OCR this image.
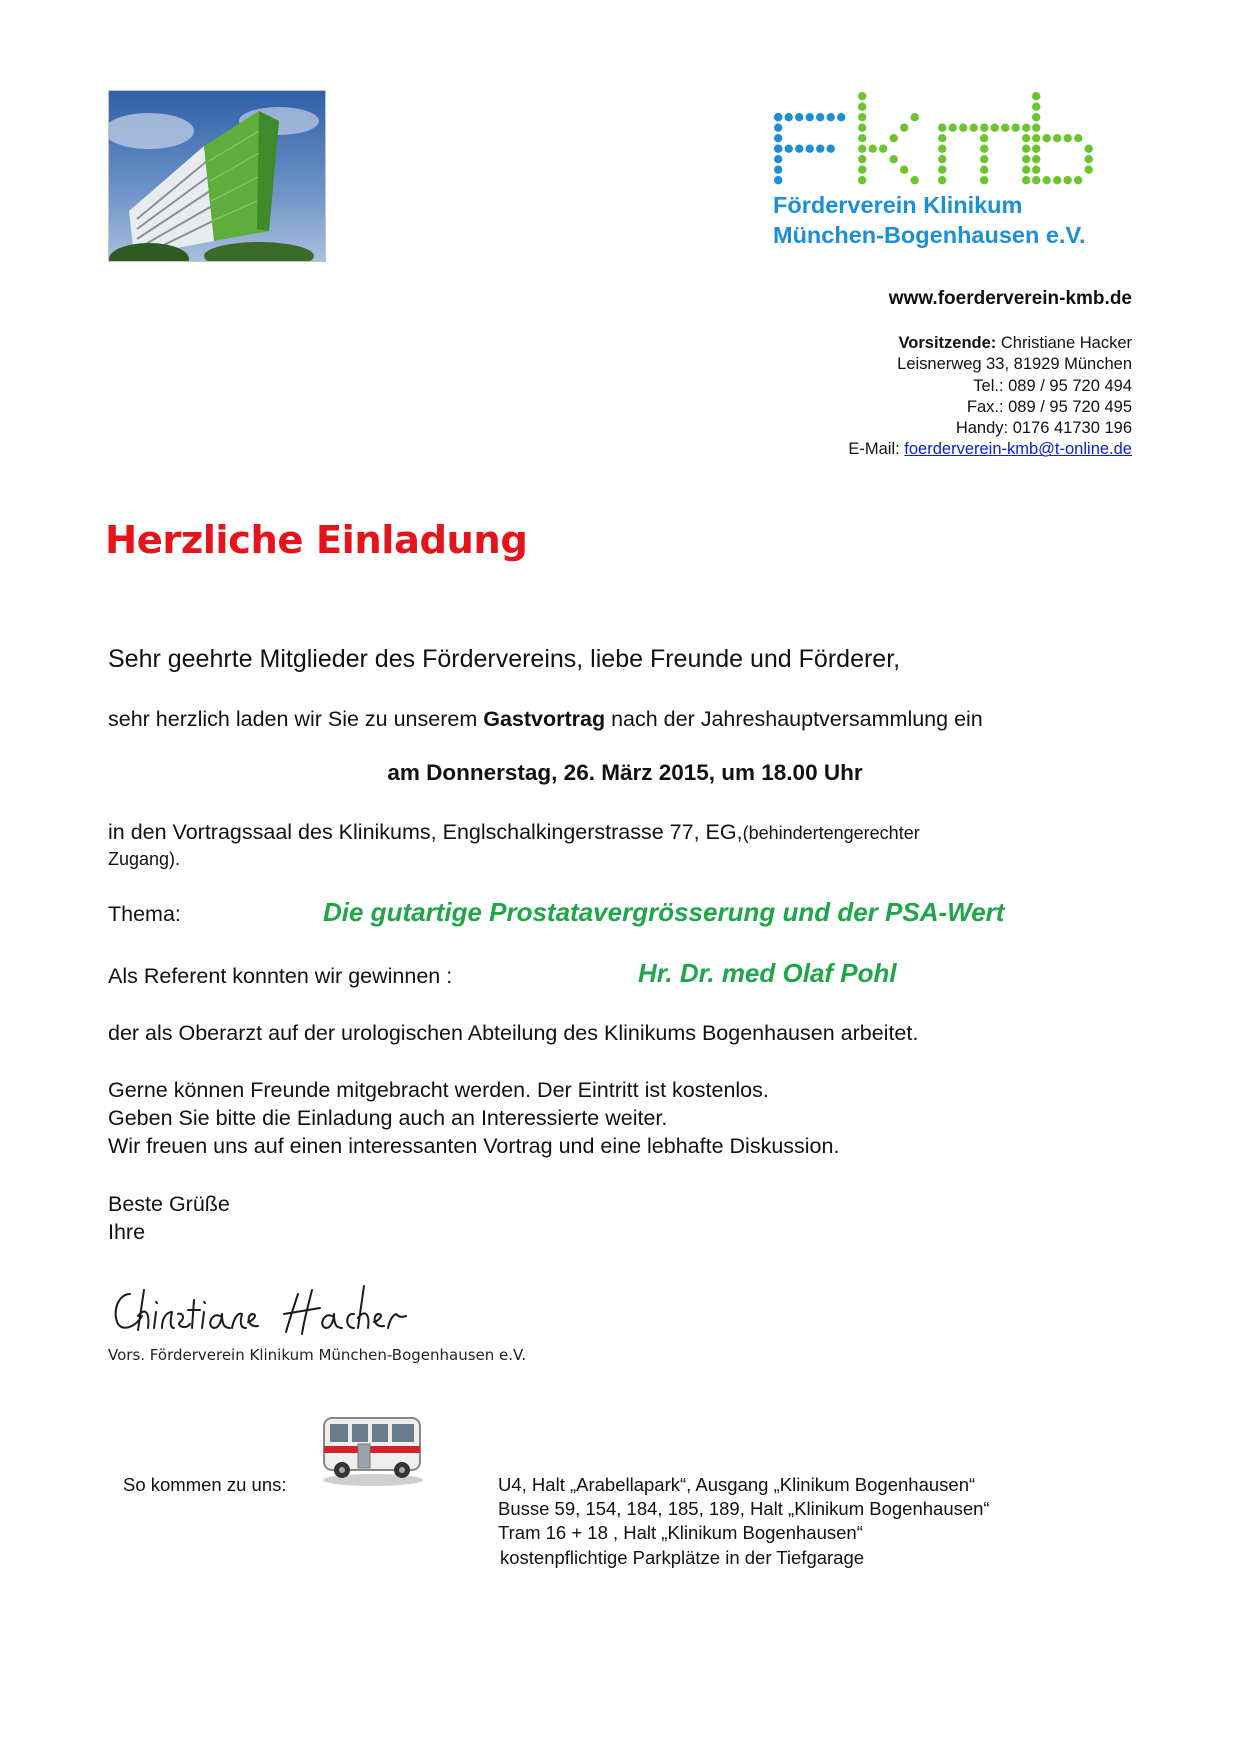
Förderverein Klinikum
München-Bogenhausen e.V.
www.foerderverein-kmb.de
Vorsitzende: Christiane Hacker
Leisnerweg 33, 81929 München
Tel.: 089 / 95 720 494
Fax.: 089 / 95 720 495
Handy: 0176 41730 196
E-Mail: foerderverein-kmb@t-online.de
Herzliche Einladung
Sehr geehrte Mitglieder des Fördervereins, liebe Freunde und Förderer,
sehr herzlich laden wir Sie zu unserem Gastvortrag nach der Jahreshauptversammlung ein
am Donnerstag, 26. März 2015, um 18.00 Uhr
in den Vortragssaal des Klinikums, Englschalkingerstrasse 77, EG,(behindertengerechter
Zugang).
Thema:	Die gutartige Prostatavergrösserung und der PSA-Wert
Als Referent konnten wir gewinnen :	Hr. Dr. med Olaf Pohl
der als Oberarzt auf der urologischen Abteilung des Klinikums Bogenhausen arbeitet.
Gerne können Freunde mitgebracht werden. Der Eintritt ist kostenlos.
Geben Sie bitte die Einladung auch an Interessierte weiter.
Wir freuen uns auf einen interessanten Vortrag und eine lebhafte Diskussion.
Beste Grüße
Ihre
Vors. Förderverein Klinikum München-Bogenhausen e.V.
So kommen zu uns:	U4, Halt „Arabellapark“, Ausgang „Klinikum Bogenhausen“
Busse 59, 154, 184, 185, 189, Halt „Klinikum Bogenhausen“
Tram 16 + 18 , Halt „Klinikum Bogenhausen“
kostenpflichtige Parkplätze in der Tiefgarage
